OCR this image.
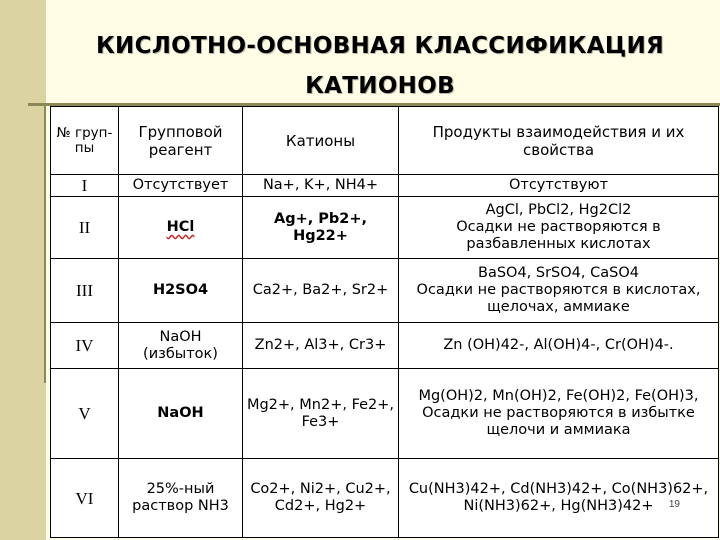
КИСЛОТНО-ОСНОВНАЯ КЛАССИФИКАЦИЯ
КАТИОНОВ
№ груп-пы	Групповой реагент	Катионы	Продукты взаимодействия и их свойства
I	Отсутствует	Na+, K+, NH4+	Отсутствуют
II	HCl	Ag+, Pb2+, Hg22+	AgCl, PbCl2, Hg2Cl2
Осадки не растворяются в разбавленных кислотах

III	H2SO4	Ca2+, Ba2+, Sr2+	BaSO4, SrSO4, CaSO4
Осадки не растворяются в кислотах, щелочах, аммиаке

IV	NaOH (избыток)	Zn2+, Al3+, Cr3+	Zn (OH)42-, Al(OH)4-, Cr(OH)4-.
V	NaOH	Mg2+, Mn2+, Fe2+, Fe3+	Mg(OH)2, Mn(OH)2, Fe(OH)2, Fe(OH)3,
Осадки не растворяются в избытке щелочи и аммиака

VI	25%-ный раствор NH3	Co2+, Ni2+, Cu2+, Cd2+, Hg2+	Cu(NH3)42+, Cd(NH3)42+, Co(NH3)62+, Ni(NH3)62+, Hg(NH3)42+ 19
